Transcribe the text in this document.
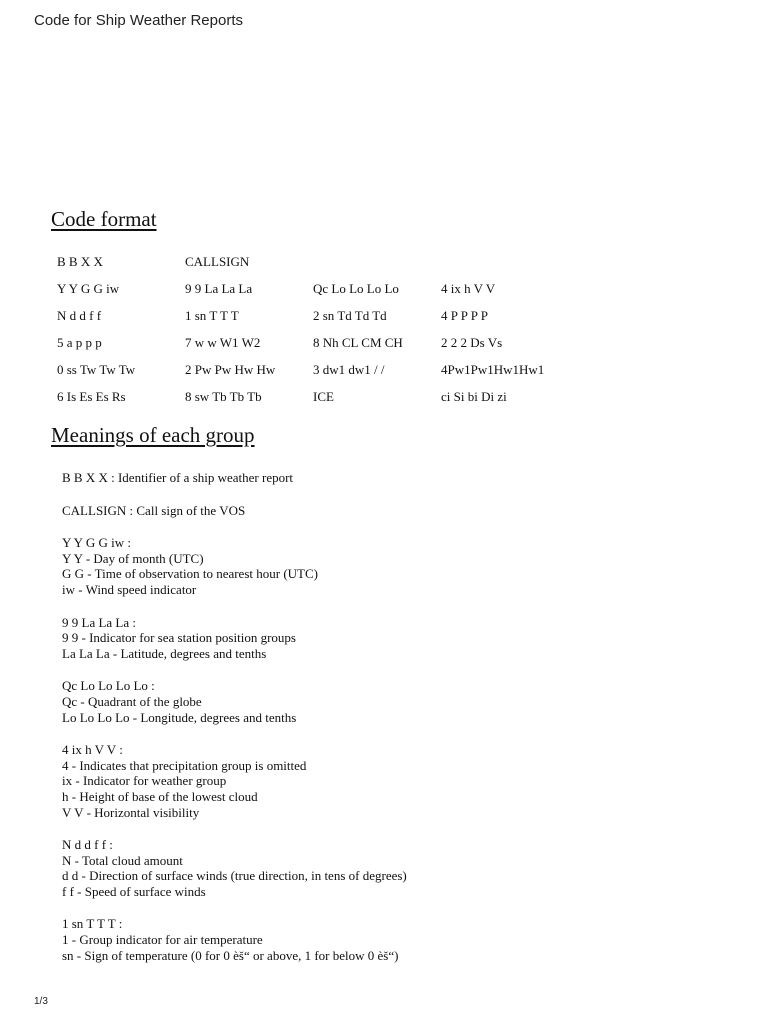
Code for Ship Weather Reports
Code format
B B X X	CALLSIGN		
Y Y G G iw	9 9 La La La	Qc Lo Lo Lo Lo	4 ix h V V
N d d f f	1 sn T T T	2 sn Td Td Td	4 P P P P
5 a p p p	7 w w W1 W2	8 Nh CL CM CH	2 2 2 Ds Vs
0 ss Tw Tw Tw	2 Pw Pw Hw Hw	3 dw1 dw1 / /	4Pw1Pw1Hw1Hw1
6 Is Es Es Rs	8 sw Tb Tb Tb	ICE	ci Si bi Di zi
Meanings of each group
B B X X : Identifier of a ship weather report
CALLSIGN : Call sign of the VOS
Y Y G G iw :
Y Y - Day of month (UTC)
G G - Time of observation to nearest hour (UTC)
iw - Wind speed indicator
9 9 La La La :
9 9 - Indicator for sea station position groups
La La La - Latitude, degrees and tenths
Qc Lo Lo Lo Lo :
Qc - Quadrant of the globe
Lo Lo Lo Lo - Longitude, degrees and tenths
4 ix h V V :
4 - Indicates that precipitation group is omitted
ix - Indicator for weather group
h - Height of base of the lowest cloud
V V - Horizontal visibility
N d d f f :
N - Total cloud amount
d d - Direction of surface winds (true direction, in tens of degrees)
f f - Speed of surface winds
1 sn T T T :
1 - Group indicator for air temperature
sn - Sign of temperature (0 for 0 èš“ or above, 1 for below 0 èš“)
1/3
